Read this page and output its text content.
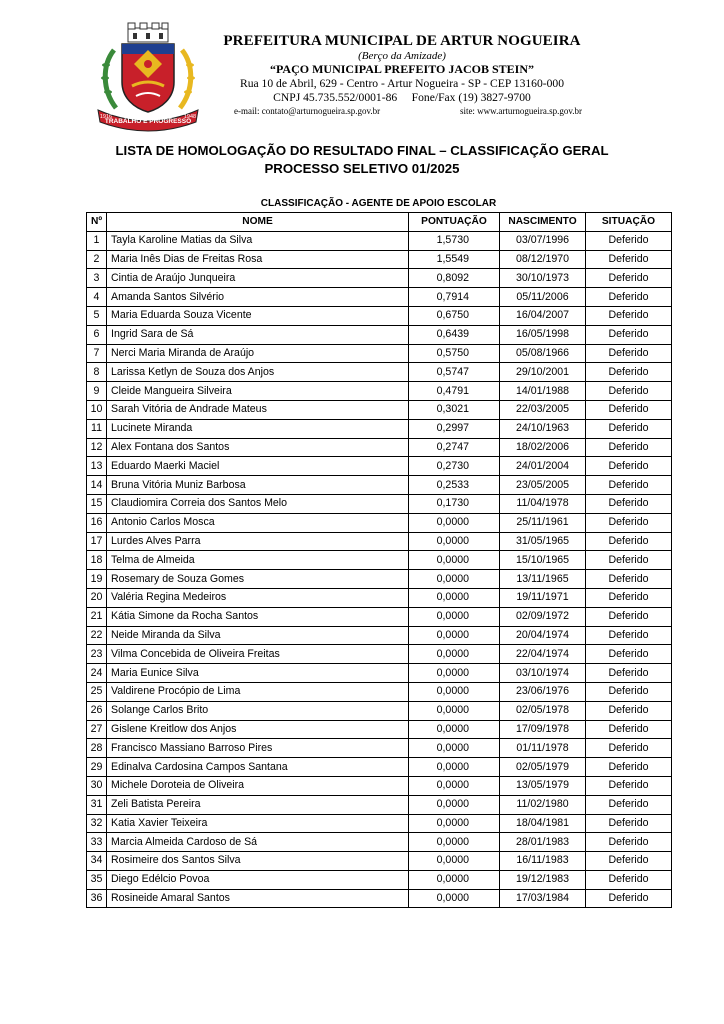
TRABALHO E PROGRESSO
1916	1948
PREFEITURA MUNICIPAL DE ARTUR NOGUEIRA
(Berço da Amizade)
“PAÇO MUNICIPAL PREFEITO JACOB STEIN”
Rua 10 de Abril, 629 - Centro - Artur Nogueira - SP - CEP 13160-000
CNPJ 45.735.552/0001-86     Fone/Fax (19) 3827-9700
e-mail: contato@arturnogueira.sp.gov.br	site: www.arturnogueira.sp.gov.br
LISTA DE HOMOLOGAÇÃO DO RESULTADO FINAL – CLASSIFICAÇÃO GERAL
PROCESSO SELETIVO 01/2025
CLASSIFICAÇÃO - AGENTE DE APOIO ESCOLAR
Nº	NOME	PONTUAÇÃO	NASCIMENTO	SITUAÇÃO
1	Tayla Karoline Matias da Silva	1,5730	03/07/1996	Deferido
2	Maria Inês Dias de Freitas Rosa	1,5549	08/12/1970	Deferido
3	Cintia de Araújo Junqueira	0,8092	30/10/1973	Deferido
4	Amanda Santos Silvério	0,7914	05/11/2006	Deferido
5	Maria Eduarda Souza Vicente	0,6750	16/04/2007	Deferido
6	Ingrid Sara de Sá	0,6439	16/05/1998	Deferido
7	Nerci Maria Miranda de Araújo	0,5750	05/08/1966	Deferido
8	Larissa Ketlyn de Souza dos Anjos	0,5747	29/10/2001	Deferido
9	Cleide Mangueira Silveira	0,4791	14/01/1988	Deferido
10	Sarah Vitória de Andrade Mateus	0,3021	22/03/2005	Deferido
11	Lucinete Miranda	0,2997	24/10/1963	Deferido
12	Alex Fontana dos Santos	0,2747	18/02/2006	Deferido
13	Eduardo Maerki Maciel	0,2730	24/01/2004	Deferido
14	Bruna Vitória Muniz Barbosa	0,2533	23/05/2005	Deferido
15	Claudiomira Correia dos Santos Melo	0,1730	11/04/1978	Deferido
16	Antonio Carlos Mosca	0,0000	25/11/1961	Deferido
17	Lurdes Alves Parra	0,0000	31/05/1965	Deferido
18	Telma de Almeida	0,0000	15/10/1965	Deferido
19	Rosemary de Souza Gomes	0,0000	13/11/1965	Deferido
20	Valéria Regina Medeiros	0,0000	19/11/1971	Deferido
21	Kátia Simone da Rocha Santos	0,0000	02/09/1972	Deferido
22	Neide Miranda da Silva	0,0000	20/04/1974	Deferido
23	Vilma Concebida de Oliveira Freitas	0,0000	22/04/1974	Deferido
24	Maria Eunice Silva	0,0000	03/10/1974	Deferido
25	Valdirene Procópio de Lima	0,0000	23/06/1976	Deferido
26	Solange Carlos Brito	0,0000	02/05/1978	Deferido
27	Gislene Kreitlow dos Anjos	0,0000	17/09/1978	Deferido
28	Francisco Massiano Barroso Pires	0,0000	01/11/1978	Deferido
29	Edinalva Cardosina Campos Santana	0,0000	02/05/1979	Deferido
30	Michele Doroteia de Oliveira	0,0000	13/05/1979	Deferido
31	Zeli Batista Pereira	0,0000	11/02/1980	Deferido
32	Katia Xavier Teixeira	0,0000	18/04/1981	Deferido
33	Marcia Almeida Cardoso de Sá	0,0000	28/01/1983	Deferido
34	Rosimeire dos Santos Silva	0,0000	16/11/1983	Deferido
35	Diego Edélcio Povoa	0,0000	19/12/1983	Deferido
36	Rosineide Amaral Santos	0,0000	17/03/1984	Deferido
